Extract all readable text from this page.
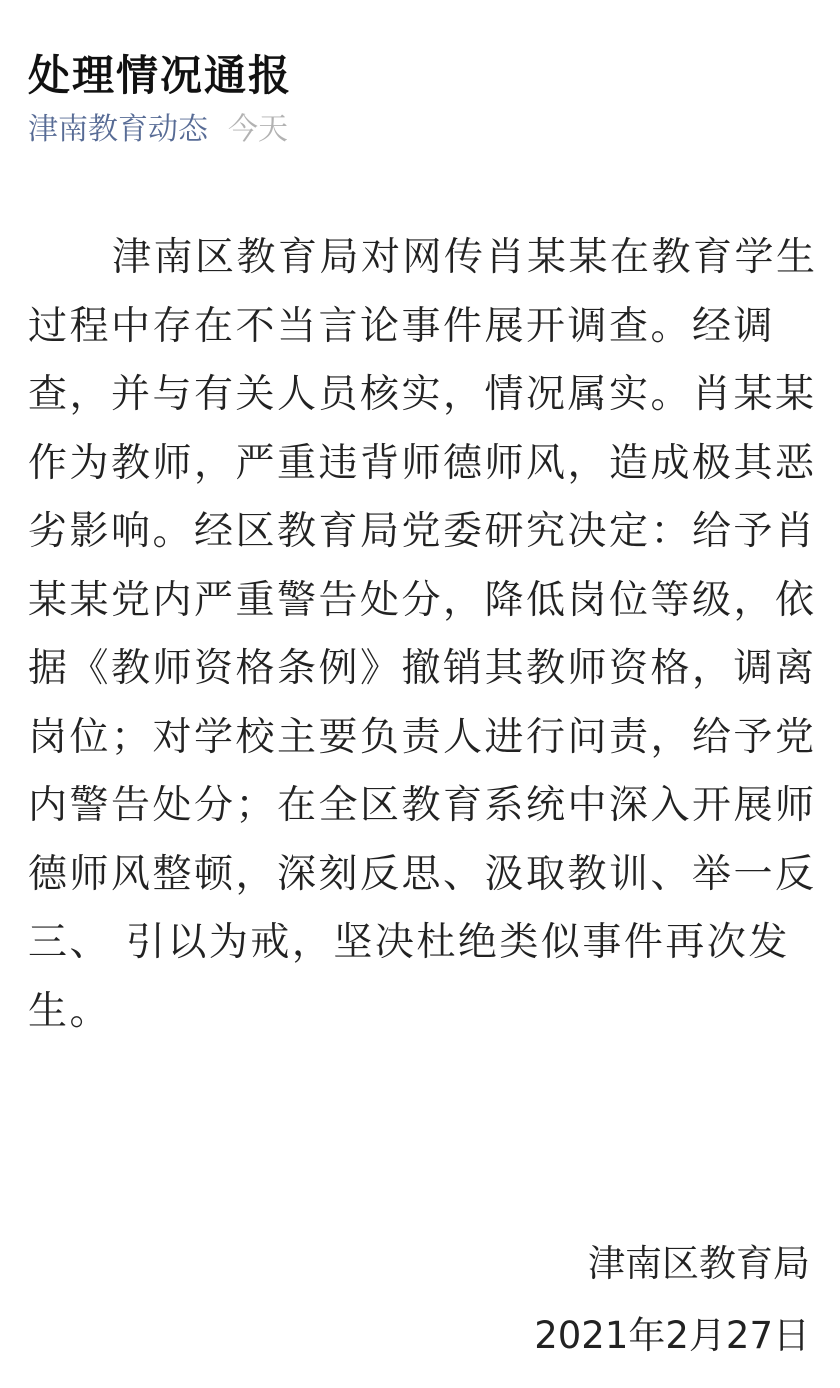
处理情况通报
津南教育动态 今天

津南区教育局对网传肖某某在教育学生过程中存在不当言论事件展开调查。经调查，并与有关人员核实，情况属实。肖某某作为教师，严重违背师德师风，造成极其恶劣影响。经区教育局党委研究决定：给予肖某某党内严重警告处分，降低岗位等级，依据《教师资格条例》撤销其教师资格，调离岗位；对学校主要负责人进行问责，给予党内警告处分；在全区教育系统中深入开展师德师风整顿，深刻反思、汲取教训、举一反三、 引以为戒，坚决杜绝类似事件再次发生。

津南区教育局
2021年2月27日
